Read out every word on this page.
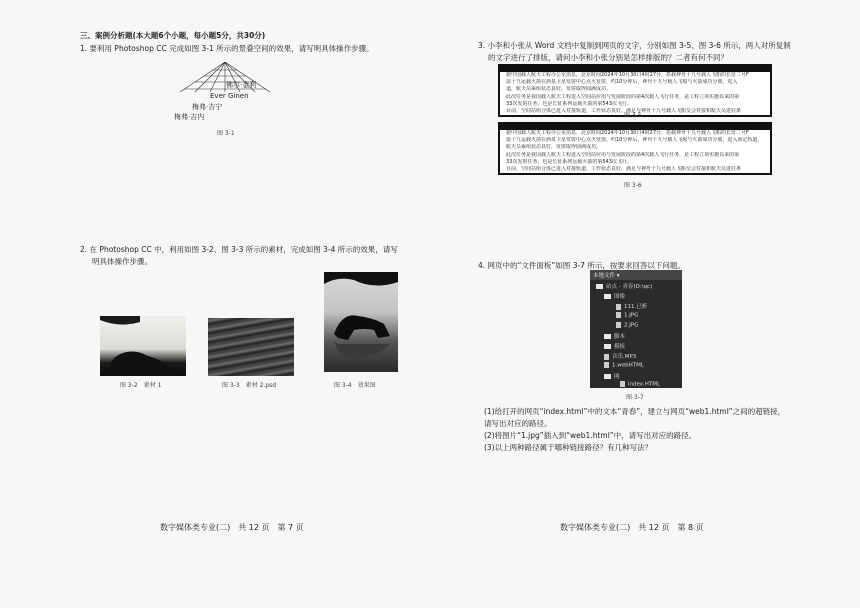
三、案例分析题(本大题6个小题，每小题5分，共30分)
1. 要利用 Photoshop CC 完成如图 3-1 所示的景叠空间的效果，请写明具体操作步骤。
佛尔·金利
Ever Ginen
梅弗·吉宁
梅弗·吉内
图 3-1
2. 在 Photoshop CC 中，利用如图 3-2、图 3-3 所示的素材，完成如图 3-4 所示的效果，请写
明具体操作步骤。
图 3-2　素材 1	图 3-3　素材 2.psd	图 3-4　效果图
数字媒体类专业(二)　共 12 页　第 7 页
3. 小李和小张从 Word 文档中复制到网页的文字，分别如图 3-5、图 3-6 所示，两人对所复制
的文字进行了排版，请问小李和小张分别是怎样排版的？二者有何不同？
据中国载人航天工程办公室消息，北京时间2024年10月30日4时27分，搭载神舟十九号载人飞船的长征二号F
遥十九运载火箭在酒泉卫星发射中心点火发射，约10分钟后，神舟十九号载人飞船与火箭成功分离，进入
道，航天员乘组状态良好，发射取得圆满成功。
此次任务是我国载人航天工程进入空间站应用与发展阶段的第4次载人飞行任务，是工程立项实施以来的第
33次发射任务，也是长征系列运载火箭的第543次飞行。
目前，空间站组合体已进入对接轨道，工作状态良好，满足与神舟十九号载人飞船交会对接和航天员进驻条
图 3-5
据中国载人航天工程办公室消息，北京时间2024年10月30日4时27分，搭载神舟十九号载人飞船的长征二号F
遥十九运载火箭在酒泉卫星发射中心点火发射，约10分钟后，神舟十九号载人飞船与火箭成功分离，进入预定轨道，
航天员乘组状态良好，发射取得圆满成功。
此次任务是我国载人航天工程进入空间站应用与发展阶段的第4次载人飞行任务，是工程立项实施以来的第
33次发射任务，也是长征系列运载火箭的第543次飞行。
目前，空间站组合体已进入对接轨道，工作状态良好，满足与神舟十九号载人飞船交会对接和航天员进驻条
图 3-6
4. 网页中的“文件面板”如图 3-7 所示，按要求回答以下问题。
本地文件 ▾
站点 - 青春(D:\qc)
图像
111.已析
1.JPG
2.JPG
脚本
模板
音乐.MP3
1.webHTML
网
index.HTML
图 3-7
(1)给打开的网页“index.html”中的文本“青春”，建立与网页“web1.html”之间的超链接，
请写出对应的路径。
(2)将图片“1.jpg”插入到“web1.html”中，请写出对应的路径。
(3)以上两种路径属于哪种链接路径？有几种写法？
数字媒体类专业(二)　共 12 页　第 8 页
